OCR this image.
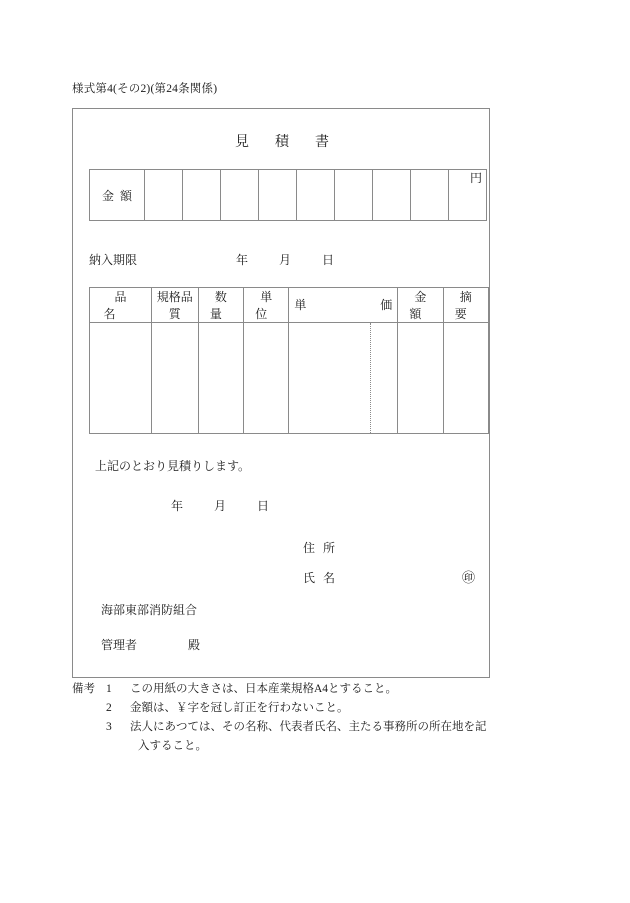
様式第4(その2)(第24条関係)
見積書
金額									
円
納入期限	年	月	日
品名	規格品質	数量	単位	単 価	金額	摘要

上記のとおり見積りします。
年	月	日
住所
氏名	㊞
海部東部消防組合
管理者	殿
備考 1	この用紙の大きさは、日本産業規格A4とすること。
2	金額は、￥字を冠し訂正を行わないこと。
3	法人にあつては、その名称、代表者氏名、主たる事務所の所在地を記
入すること。
